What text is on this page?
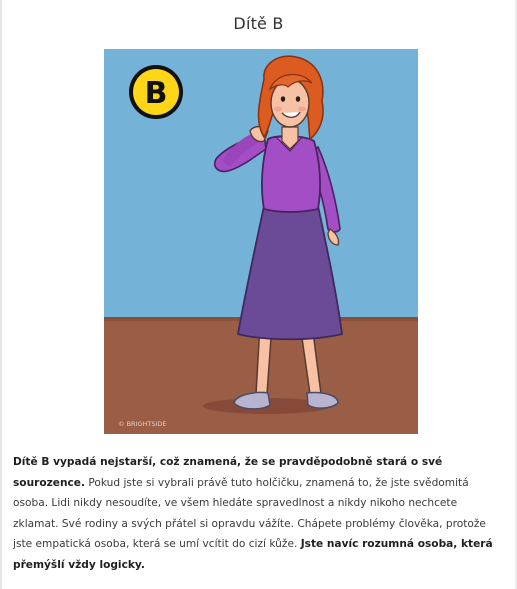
Dítě B
B
© BRIGHTSIDE
Dítě B vypadá nejstarší, což znamená, že se pravděpodobně stará o své sourozence. Pokud jste si vybrali právě tuto holčičku, znamená to, že jste svědomitá osoba. Lidi nikdy nesoudíte, ve všem hledáte spravedlnost a nikdy nikoho nechcete zklamat. Své rodiny a svých přátel si opravdu vážíte. Chápete problémy člověka, protože jste empatická osoba, která se umí vcítit do cizí kůže. Jste navíc rozumná osoba, která přemýšlí vždy logicky.
